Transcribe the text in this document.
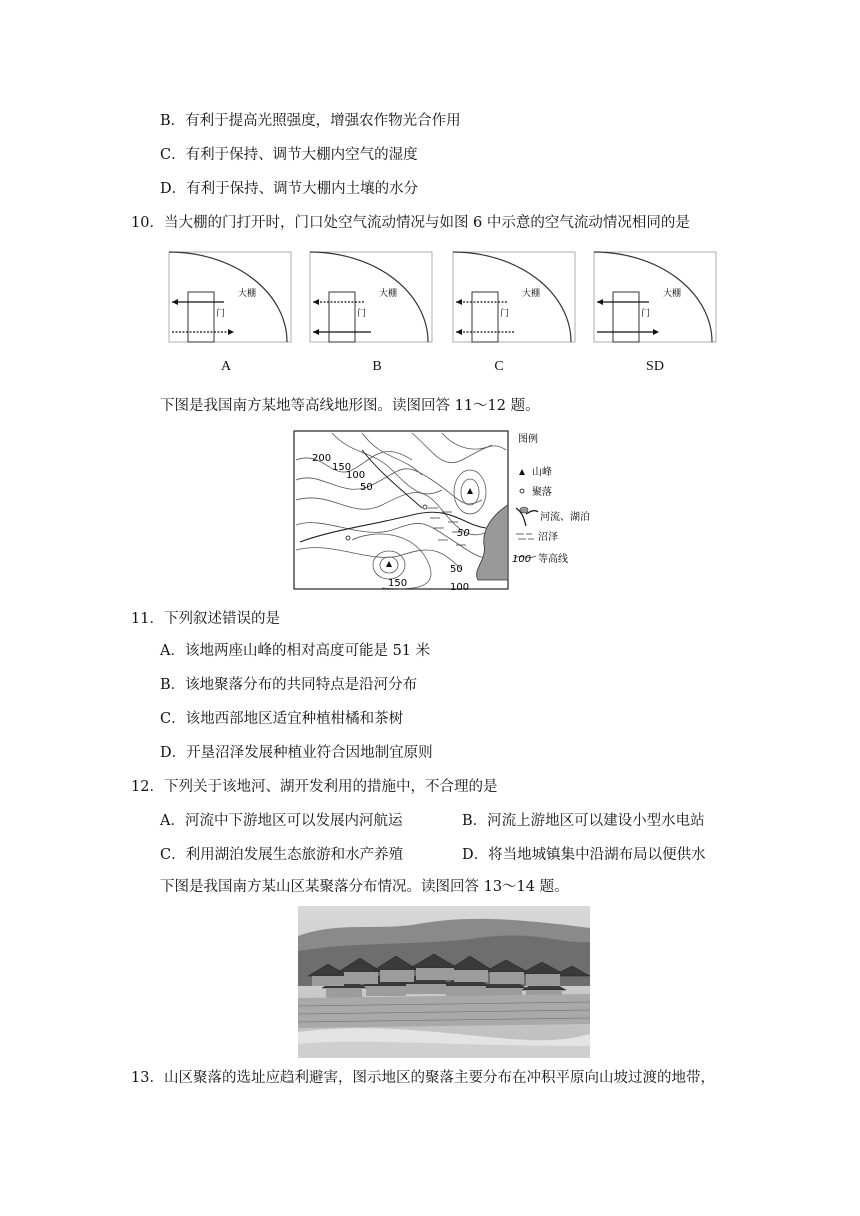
B．有利于提高光照强度，增强农作物光合作用
C．有利于保持、调节大棚内空气的湿度
D．有利于保持、调节大棚内土壤的水分
10．当大棚的门打开时，门口处空气流动情况与如图 6 中示意的空气流动情况相同的是
大棚
门
A
大棚
门
B
大棚
门
C
大棚
门
SD
下图是我国南方某地等高线地形图。读图回答 11～12 题。
200
150
100
50
50
50
150	100
图例
山峰
聚落
河流、湖泊
沼泽
100 等高线
11．下列叙述错误的是
A．该地两座山峰的相对高度可能是 51 米
B．该地聚落分布的共同特点是沿河分布
C．该地西部地区适宜种植柑橘和茶树
D．开垦沼泽发展种植业符合因地制宜原则
12．下列关于该地河、湖开发利用的措施中，不合理的是
A．河流中下游地区可以发展内河航运	B．河流上游地区可以建设小型水电站
C．利用湖泊发展生态旅游和水产养殖	D．将当地城镇集中沿湖布局以便供水
下图是我国南方某山区某聚落分布情况。读图回答 13～14 题。
13．山区聚落的选址应趋利避害，图示地区的聚落主要分布在冲积平原向山坡过渡的地带，
